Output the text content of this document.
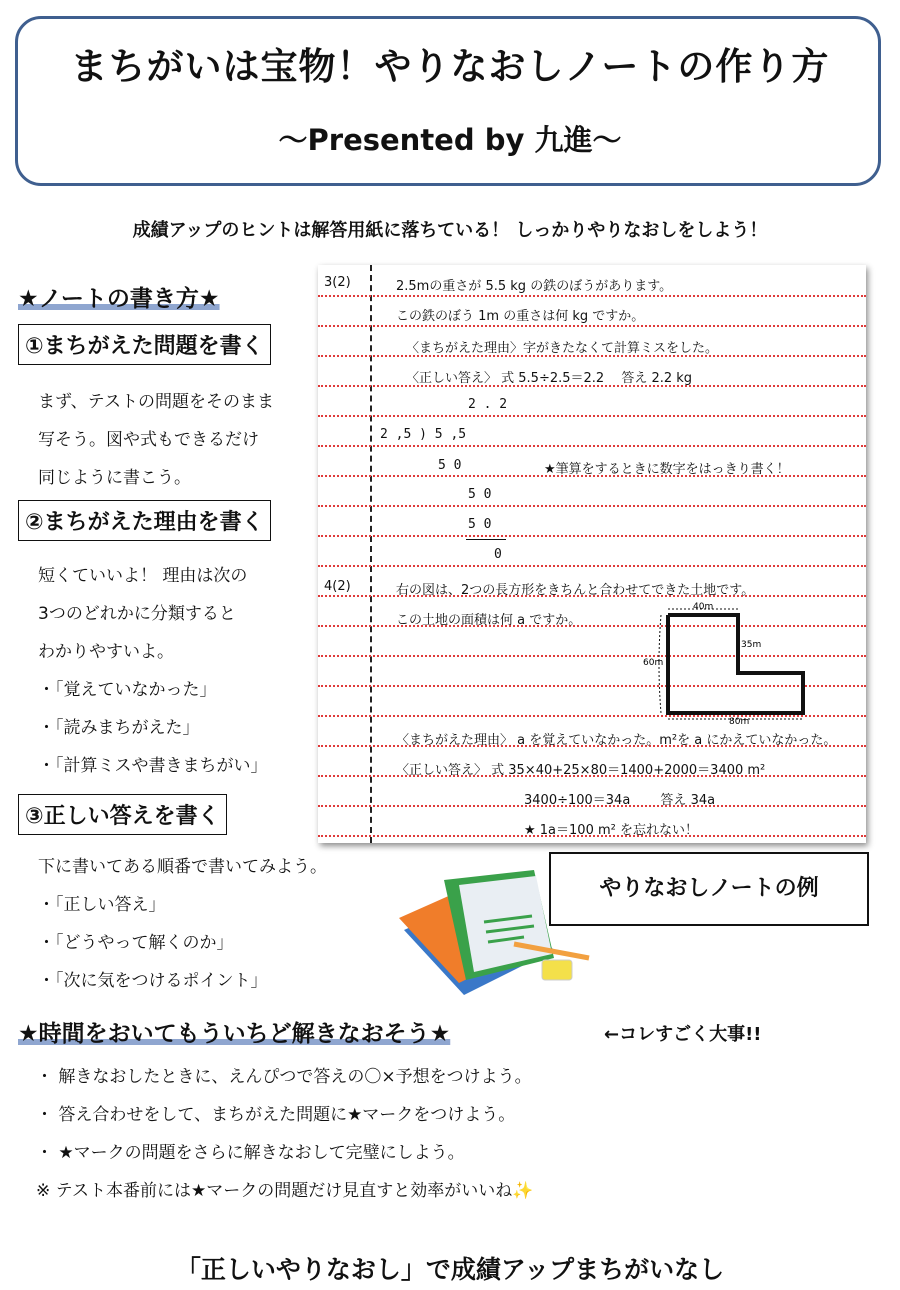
まちがいは宝物！やりなおしノートの作り方
〜Presented by 九進〜
成績アップのヒントは解答用紙に落ちている！ しっかりやりなおしをしよう！
★ノートの書き方★
①まちがえた問題を書く

まず、テストの問題をそのまま

写そう。図や式もできるだけ

同じように書こう。

②まちがえた理由を書く

短くていいよ！ 理由は次の

3つのどれかに分類すると

わかりやすいよ。

・「覚えていなかった」

・「読みまちがえた」

・「計算ミスや書きまちがい」

③正しい答えを書く

下に書いてある順番で書いてみよう。

・「正しい答え」

・「どうやって解くのか」

・「次に気をつけるポイント」

3(2)	2.5mの重さが 5.5 kg の鉄のぼうがあります。
この鉄のぼう 1m の重さは何 kg ですか。
〈まちがえた理由〉字がきたなくて計算ミスをした。
〈正しい答え〉 式 5.5÷2.5＝2.2　 答え 2.2 kg
2 . 2
2 ,5 ) 5 ,5
5 0	★筆算をするときに数字をはっきり書く！
5 0
5 0
0
4(2)	右の図は、2つの長方形をきちんと合わせてできた土地です。
この土地の面積は何 a ですか。
40m
35m
60m
80m
〈まちがえた理由〉 a を覚えていなかった。m²を a にかえていなかった。
〈正しい答え〉 式 35×40+25×80＝1400+2000＝3400 m²
3400÷100＝34a　　 答え 34a
★ 1a＝100 m² を忘れない！
やりなおしノートの例
★時間をおいてもういちど解きなおそう★	←コレすごく大事!!

・ 解きなおしたときに、えんぴつで答えの〇×予想をつけよう。

・ 答え合わせをして、まちがえた問題に★マークをつけよう。

・ ★マークの問題をさらに解きなおして完璧にしよう。

※ テスト本番前には★マークの問題だけ見直すと効率がいいね✨

「正しいやりなおし」で成績アップまちがいなし
